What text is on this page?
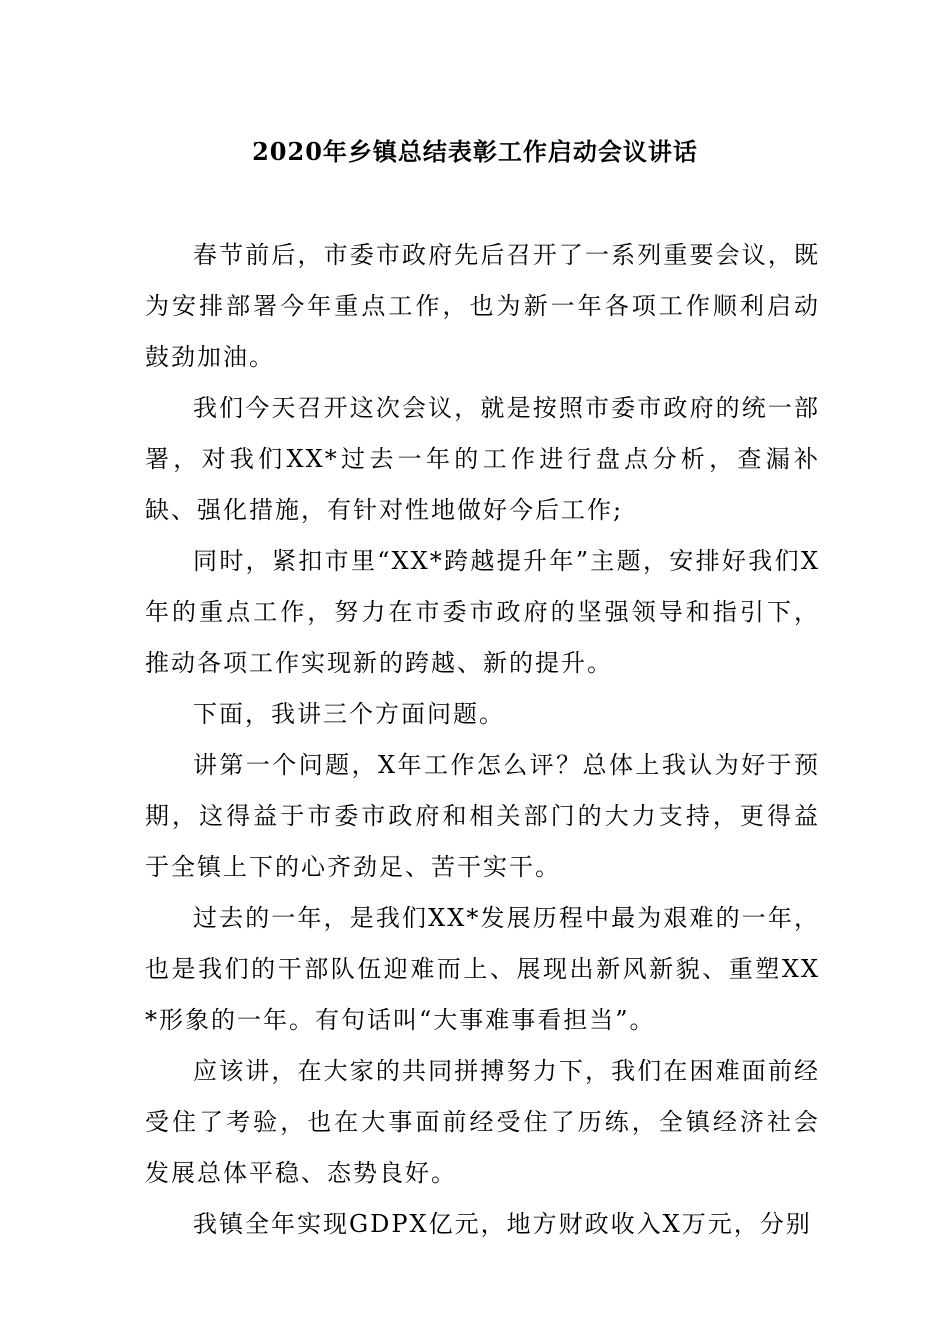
2020年乡镇总结表彰工作启动会议讲话

春节前后，市委市政府先后召开了一系列重要会议，既为安排部署今年重点工作，也为新一年各项工作顺利启动鼓劲加油。

我们今天召开这次会议，就是按照市委市政府的统一部署，对我们XX*过去一年的工作进行盘点分析，查漏补缺、强化措施，有针对性地做好今后工作;

同时，紧扣市里“XX*跨越提升年”主题，安排好我们X年的重点工作，努力在市委市政府的坚强领导和指引下，推动各项工作实现新的跨越、新的提升。

下面，我讲三个方面问题。

讲第一个问题，X年工作怎么评？总体上我认为好于预期，这得益于市委市政府和相关部门的大力支持，更得益于全镇上下的心齐劲足、苦干实干。

过去的一年，是我们XX*发展历程中最为艰难的一年，也是我们的干部队伍迎难而上、展现出新风新貌、重塑XX*形象的一年。有句话叫“大事难事看担当”。

应该讲，在大家的共同拼搏努力下，我们在困难面前经受住了考验，也在大事面前经受住了历练，全镇经济社会发展总体平稳、态势良好。

我镇全年实现GDPX亿元，地方财政收入X万元，分别
